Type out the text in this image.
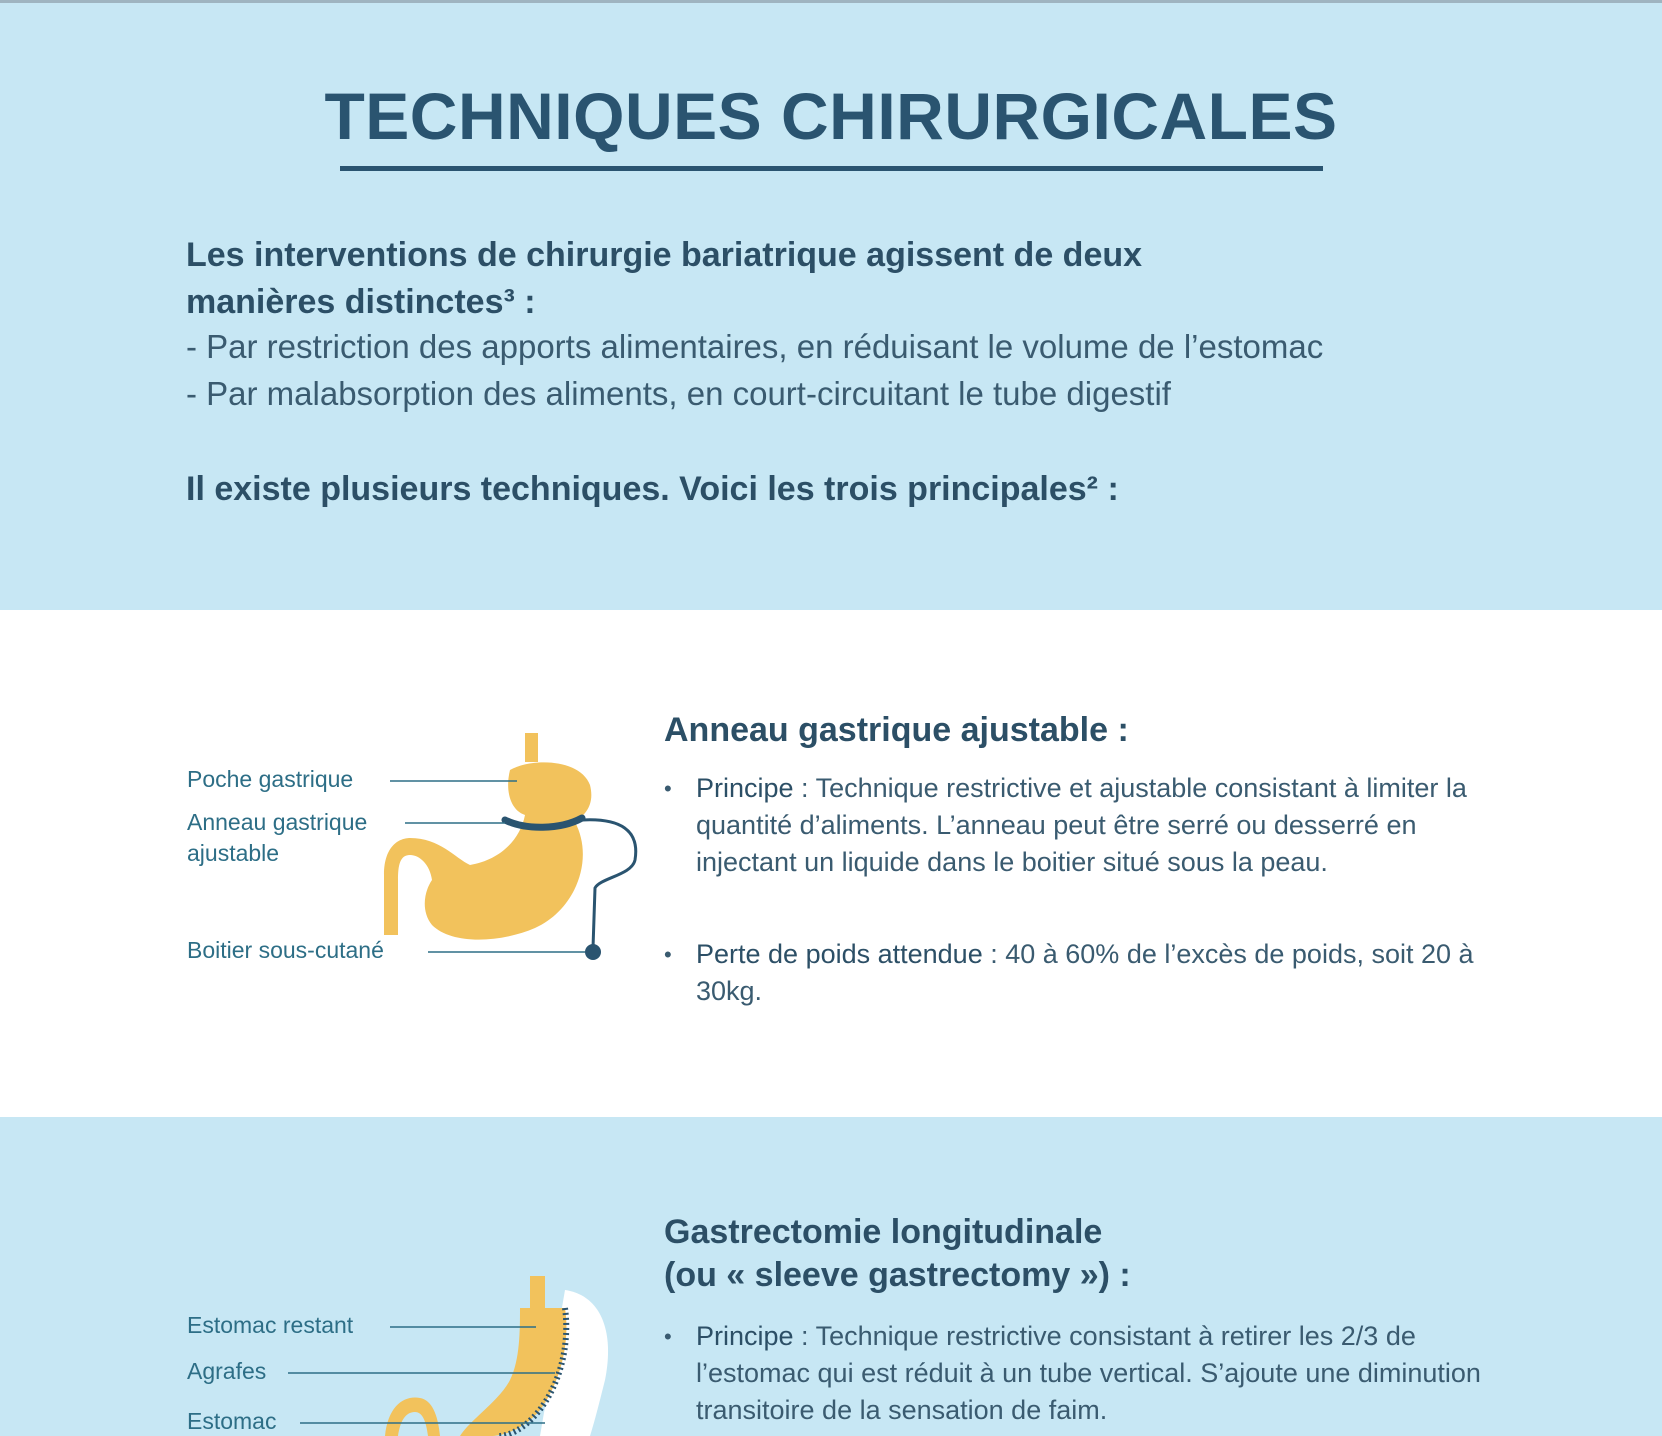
TECHNIQUES CHIRURGICALES
Les interventions de chirurgie bariatrique agissent de deux manières distinctes³ :
- Par restriction des apports alimentaires, en réduisant le volume de l’estomac
- Par malabsorption des aliments, en court-circuitant le tube digestif
Il existe plusieurs techniques. Voici les trois principales² :
Poche gastrique
Anneau gastrique
ajustable
Boitier sous-cutané
Anneau gastrique ajustable :
• Principe : Technique restrictive et ajustable consistant à limiter la quantité d’aliments. L’anneau peut être serré ou desserré en injectant un liquide dans le boitier situé sous la peau.
• Perte de poids attendue : 40 à 60% de l’excès de poids, soit 20 à 30kg.
Estomac restant
Agrafes
Estomac
Gastrectomie longitudinale
(ou « sleeve gastrectomy ») :
• Principe : Technique restrictive consistant à retirer les 2/3 de l’estomac qui est réduit à un tube vertical. S’ajoute une diminution transitoire de la sensation de faim.
